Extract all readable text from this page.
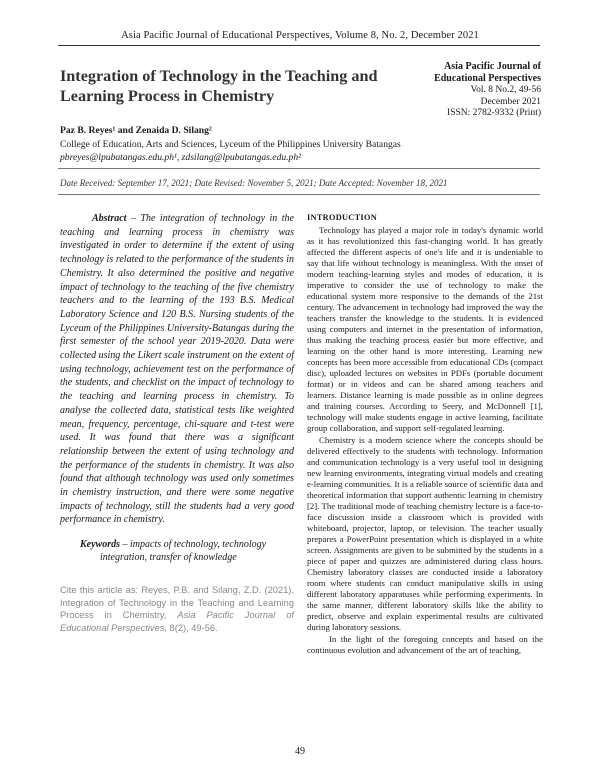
Asia Pacific Journal of Educational Perspectives, Volume 8, No. 2, December 2021
Integration of Technology in the Teaching and Learning Process in Chemistry
Asia Pacific Journal of
Educational Perspectives
Vol. 8 No.2, 49-56
December 2021
ISSN: 2782-9332 (Print)
Paz B. Reyes¹ and Zenaida D. Silang²
College of Education, Arts and Sciences, Lyceum of the Philippines University Batangas
pbreyes@lpubatangas.edu.ph¹, zdsilang@lpubatangas.edu.ph²
Date Received: September 17, 2021; Date Revised: November 5, 2021; Date Accepted: November 18, 2021

Abstract – The integration of technology in the teaching and learning process in chemistry was investigated in order to determine if the extent of using technology is related to the performance of the students in Chemistry. It also determined the positive and negative impact of technology to the teaching of the five chemistry teachers and to the learning of the 193 B.S. Medical Laboratory Science and 120 B.S. Nursing students of the Lyceum of the Philippines University-Batangas during the first semester of the school year 2019-2020. Data were collected using the Likert scale instrument on the extent of using technology, achievement test on the performance of the students, and checklist on the impact of technology to the teaching and learning process in chemistry. To analyse the collected data, statistical tests like weighted mean, frequency, percentage, chi-square and t-test were used. It was found that there was a significant relationship between the extent of using technology and the performance of the students in chemistry. It was also found that although technology was used only sometimes in chemistry instruction, and there were some negative impacts of technology, still the students had a very good performance in chemistry.

Keywords – impacts of technology, technology integration, transfer of knowledge

Cite this article as: Reyes, P.B. and Silang, Z.D. (2021). Integration of Technology in the Teaching and Learning Process in Chemistry, Asia Pacific Journal of Educational Perspectives, 8(2), 49-56.

INTRODUCTION

Technology has played a major role in today's dynamic world as it has revolutionized this fast-changing world. It has greatly affected the different aspects of one's life and it is undeniable to say that life without technology is meaningless. With the onset of modern teaching-learning styles and modes of education, it is imperative to consider the use of technology to make the educational system more responsive to the demands of the 21st century. The advancement in technology had improved the way the teachers transfer the knowledge to the students. It is evidenced using computers and internet in the presentation of information, thus making the teaching process easier but more effective, and learning on the other hand is more interesting. Learning new concepts has been more accessible from educational CDs (compact disc), uploaded lectures on websites in PDFs (portable document format) or in videos and can be shared among teachers and learners. Distance learning is made possible as in online degrees and training courses. According to Seery, and McDonnell [1], technology will make students engage in active learning, facilitate group collaboration, and support self-regulated learning.

Chemistry is a modern science where the concepts should be delivered effectively to the students with technology. Information and communication technology is a very useful tool in designing new learning environments, integrating virtual models and creating e-learning communities. It is a reliable source of scientific data and theoretical information that support authentic learning in chemistry [2]. The traditional mode of teaching chemistry lecture is a face-to-face discussion inside a classroom which is provided with whiteboard, projector, laptop, or television. The teacher usually prepares a PowerPoint presentation which is displayed in a white screen. Assignments are given to be submitted by the students in a piece of paper and quizzes are administered during class hours. Chemistry laboratory classes are conducted inside a laboratory room where students can conduct manipulative skills in using different laboratory apparatuses while performing experiments. In the same manner, different laboratory skills like the ability to predict, observe and explain experimental results are cultivated during laboratory sessions.

In the light of the foregoing concepts and based on the continuous evolution and advancement of the art of teaching,

49
